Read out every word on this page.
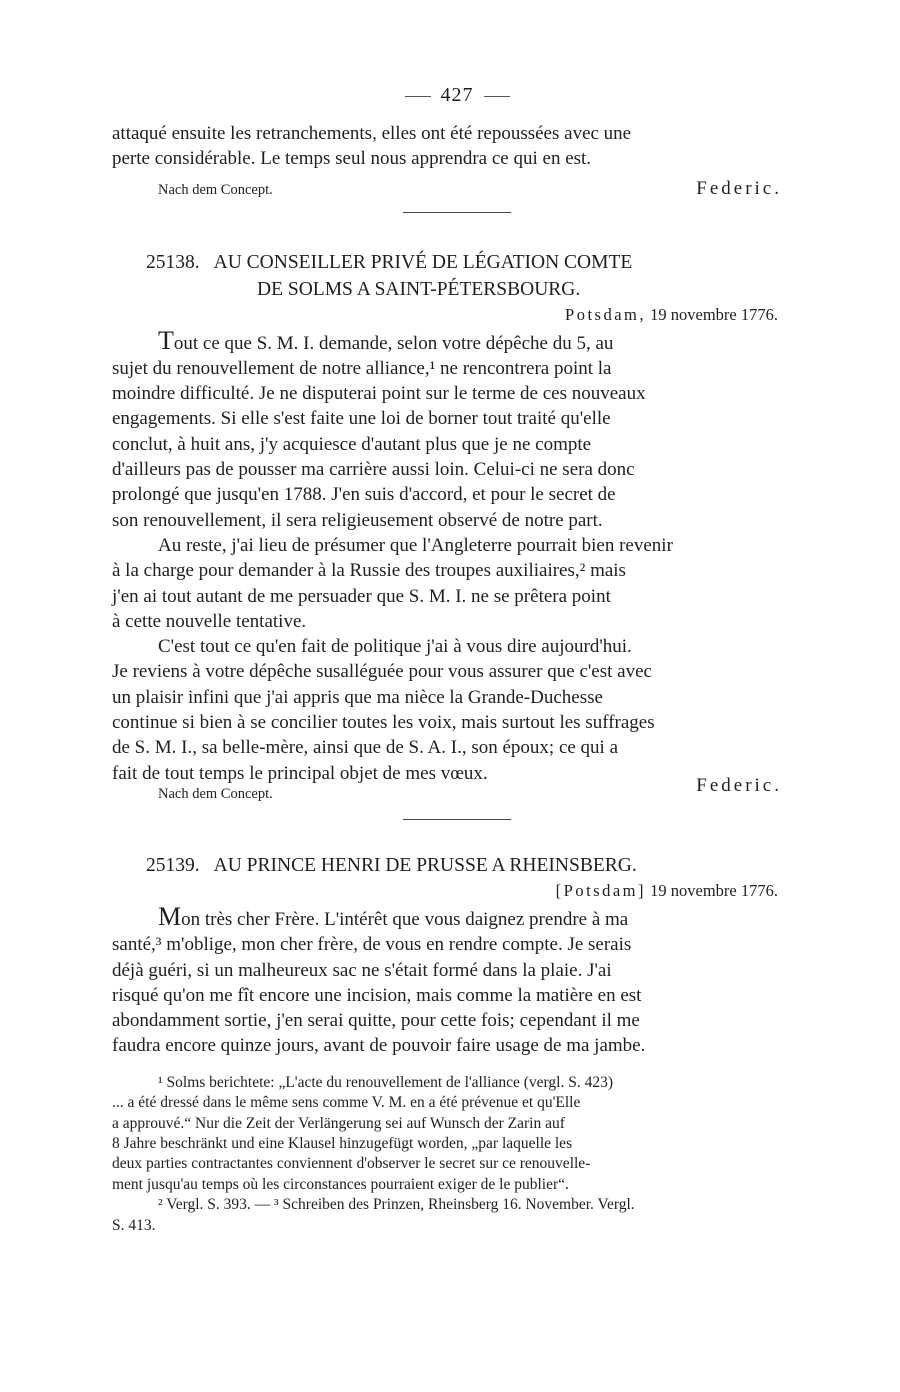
427

attaqué ensuite les retranchements, elles ont été repoussées avec une

perte considérable. Le temps seul nous apprendra ce qui en est.

Nach dem Concept.	Federic.
25138. AU CONSEILLER PRIVÉ DE LÉGATION COMTE
DE SOLMS A SAINT-PÉTERSBOURG.
Potsdam, 19 novembre 1776.

Tout ce que S. M. I. demande, selon votre dépêche du 5, au

sujet du renouvellement de notre alliance,¹ ne rencontrera point la

moindre difficulté. Je ne disputerai point sur le terme de ces nouveaux

engagements. Si elle s'est faite une loi de borner tout traité qu'elle

conclut, à huit ans, j'y acquiesce d'autant plus que je ne compte

d'ailleurs pas de pousser ma carrière aussi loin. Celui-ci ne sera donc

prolongé que jusqu'en 1788. J'en suis d'accord, et pour le secret de

son renouvellement, il sera religieusement observé de notre part.

Au reste, j'ai lieu de présumer que l'Angleterre pourrait bien revenir

à la charge pour demander à la Russie des troupes auxiliaires,² mais

j'en ai tout autant de me persuader que S. M. I. ne se prêtera point

à cette nouvelle tentative.

C'est tout ce qu'en fait de politique j'ai à vous dire aujourd'hui.

Je reviens à votre dépêche susalléguée pour vous assurer que c'est avec

un plaisir infini que j'ai appris que ma nièce la Grande-Duchesse

continue si bien à se concilier toutes les voix, mais surtout les suffrages

de S. M. I., sa belle-mère, ainsi que de S. A. I., son époux; ce qui a

fait de tout temps le principal objet de mes vœux.

Federic.
Nach dem Concept.
25139. AU PRINCE HENRI DE PRUSSE A RHEINSBERG.
[Potsdam] 19 novembre 1776.

Mon très cher Frère. L'intérêt que vous daignez prendre à ma

santé,³ m'oblige, mon cher frère, de vous en rendre compte. Je serais

déjà guéri, si un malheureux sac ne s'était formé dans la plaie. J'ai

risqué qu'on me fît encore une incision, mais comme la matière en est

abondamment sortie, j'en serai quitte, pour cette fois; cependant il me

faudra encore quinze jours, avant de pouvoir faire usage de ma jambe.

¹ Solms berichtete: „L'acte du renouvellement de l'alliance (vergl. S. 423)

... a été dressé dans le même sens comme V. M. en a été prévenue et qu'Elle

a approuvé.“ Nur die Zeit der Verlängerung sei auf Wunsch der Zarin auf

8 Jahre beschränkt und eine Klausel hinzugefügt worden, „par laquelle les

deux parties contractantes conviennent d'observer le secret sur ce renouvelle-

ment jusqu'au temps où les circonstances pourraient exiger de le publier“.

² Vergl. S. 393. — ³ Schreiben des Prinzen, Rheinsberg 16. November. Vergl.

S. 413.
